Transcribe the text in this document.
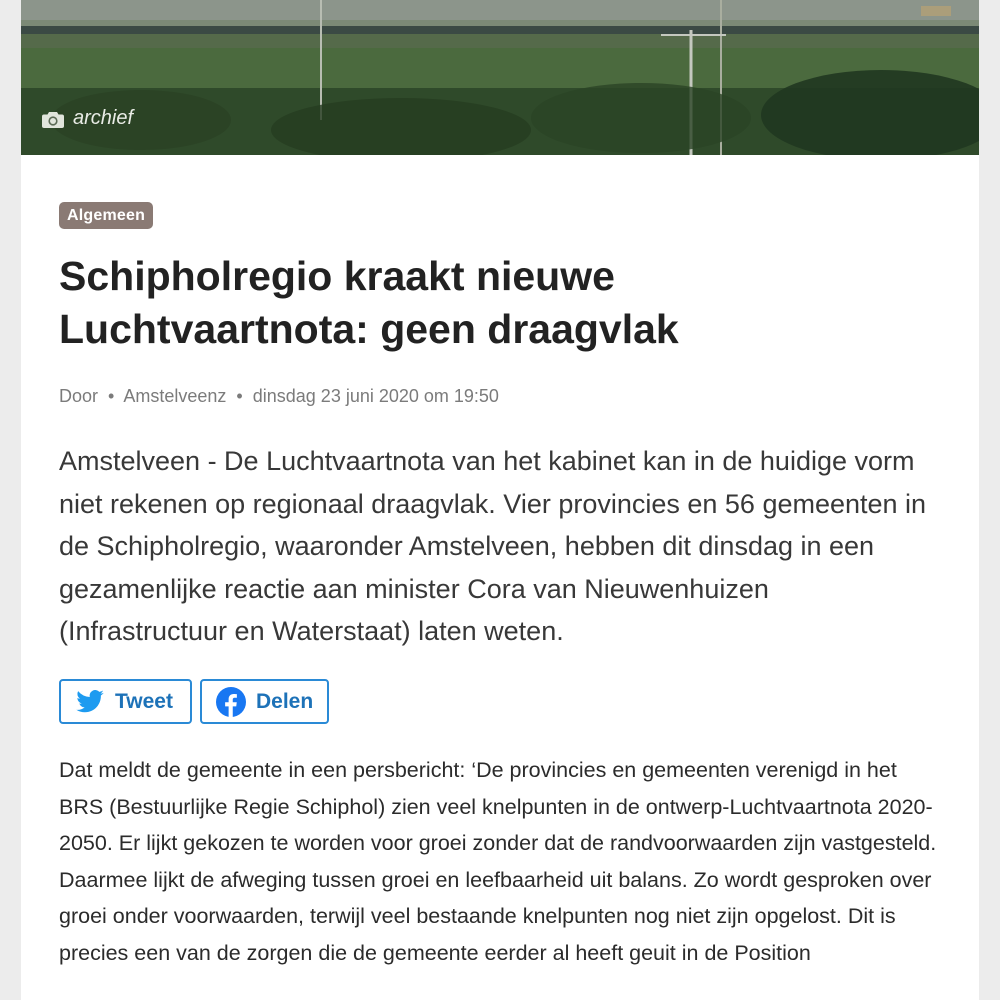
archief
Algemeen
Schipholregio kraakt nieuwe
Luchtvaartnota: geen draagvlak
Door • Amstelveenz • dinsdag 23 juni 2020 om 19:50

Amstelveen - De Luchtvaartnota van het kabinet kan in de huidige vorm niet rekenen op regionaal draagvlak. Vier provincies en 56 gemeenten in de Schipholregio, waaronder Amstelveen, hebben dit dinsdag in een gezamenlijke reactie aan minister Cora van Nieuwenhuizen (Infrastructuur en Waterstaat) laten weten.

Tweet	Delen

Dat meldt de gemeente in een persbericht: ‘De provincies en gemeenten verenigd in het BRS (Bestuurlijke Regie Schiphol) zien veel knelpunten in de ontwerp-Luchtvaartnota 2020-2050. Er lijkt gekozen te worden voor groei zonder dat de randvoorwaarden zijn vastgesteld. Daarmee lijkt de afweging tussen groei en leefbaarheid uit balans. Zo wordt gesproken over groei onder voorwaarden, terwijl veel bestaande knelpunten nog niet zijn opgelost. Dit is precies een van de zorgen die de gemeente eerder al heeft geuit in de Position
